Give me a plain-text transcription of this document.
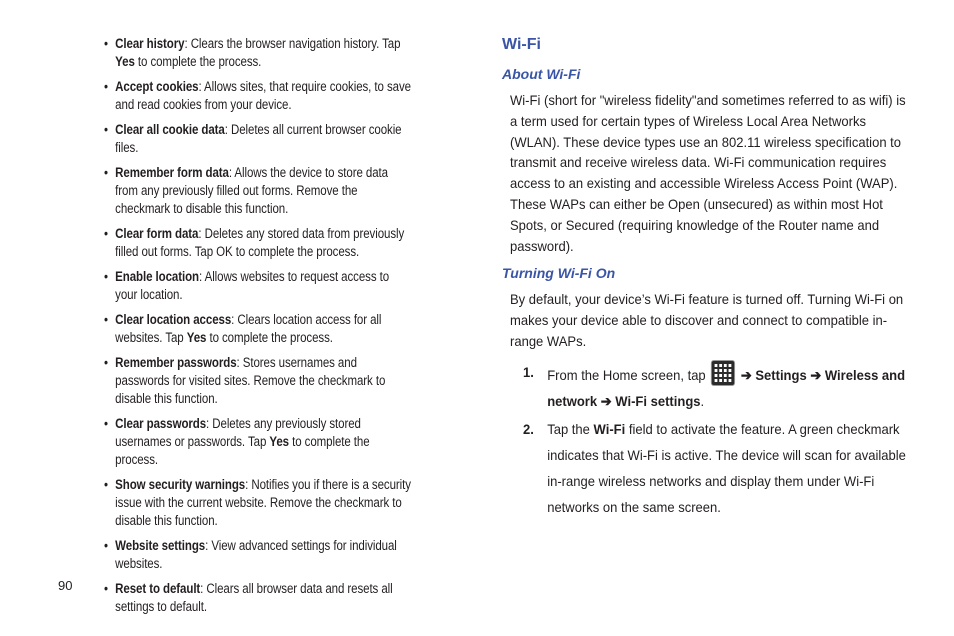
• Clear history: Clears the browser navigation history. Tap Yes to complete the process.
• Accept cookies: Allows sites, that require cookies, to save and read cookies from your device.
• Clear all cookie data: Deletes all current browser cookie files.
• Remember form data: Allows the device to store data from any previously filled out forms. Remove the checkmark to disable this function.
• Clear form data: Deletes any stored data from previously filled out forms. Tap OK to complete the process.
• Enable location: Allows websites to request access to your location.
• Clear location access: Clears location access for all websites. Tap Yes to complete the process.
• Remember passwords: Stores usernames and passwords for visited sites. Remove the checkmark to disable this function.
• Clear passwords: Deletes any previously stored usernames or passwords. Tap Yes to complete the process.
• Show security warnings: Notifies you if there is a security issue with the current website. Remove the checkmark to disable this function.
• Website settings: View advanced settings for individual websites.
• Reset to default: Clears all browser data and resets all settings to default.
Wi-Fi
About Wi-Fi

Wi-Fi (short for "wireless fidelity"and sometimes referred to as wifi) is a term used for certain types of Wireless Local Area Networks (WLAN). These device types use an 802.11 wireless specification to transmit and receive wireless data. Wi-Fi communication requires access to an existing and accessible Wireless Access Point (WAP). These WAPs can either be Open (unsecured) as within most Hot Spots, or Secured (requiring knowledge of the Router name and password).

Turning Wi-Fi On

By default, your device’s Wi-Fi feature is turned off. Turning Wi-Fi on makes your device able to discover and connect to compatible in-range WAPs.

1. From the Home screen, tap  ➔ Settings ➔ Wireless and network ➔ Wi-Fi settings.
2. Tap the Wi-Fi field to activate the feature. A green checkmark indicates that Wi-Fi is active. The device will scan for available in-range wireless networks and display them under Wi-Fi networks on the same screen.
90
